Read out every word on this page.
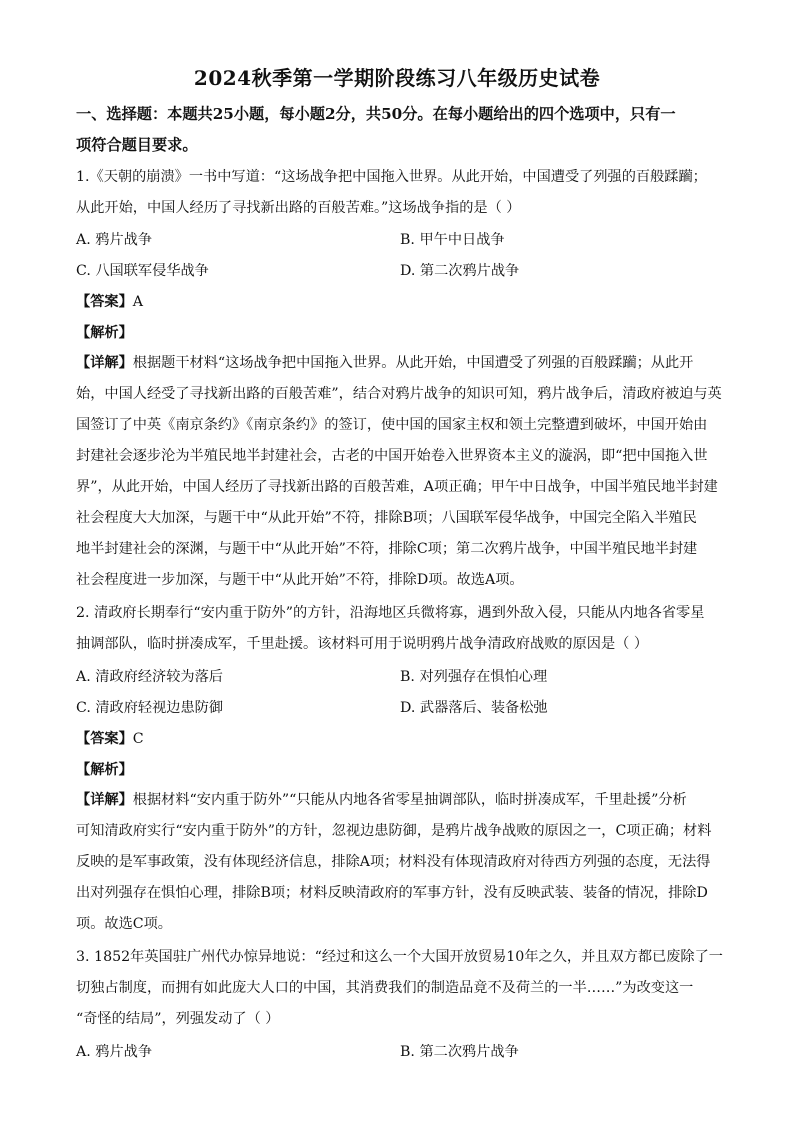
2024秋季第一学期阶段练习八年级历史试卷
一、选择题：本题共25小题，每小题2分，共50分。在每小题给出的四个选项中，只有一
项符合题目要求。
1.《天朝的崩溃》一书中写道：“这场战争把中国拖入世界。从此开始，中国遭受了列强的百般蹂躏；
从此开始，中国人经历了寻找新出路的百般苦难。”这场战争指的是（ ）
A. 鸦片战争	B. 甲午中日战争
C. 八国联军侵华战争	D. 第二次鸦片战争
【答案】A
【解析】
【详解】根据题干材料“这场战争把中国拖入世界。从此开始，中国遭受了列强的百般蹂躏；从此开
始，中国人经受了寻找新出路的百般苦难”，结合对鸦片战争的知识可知，鸦片战争后，清政府被迫与英
国签订了中英《南京条约》《南京条约》的签订，使中国的国家主权和领土完整遭到破坏，中国开始由
封建社会逐步沦为半殖民地半封建社会，古老的中国开始卷入世界资本主义的漩涡，即“把中国拖入世
界”，从此开始，中国人经历了寻找新出路的百般苦难，A项正确；甲午中日战争，中国半殖民地半封建
社会程度大大加深，与题干中“从此开始”不符，排除B项；八国联军侵华战争，中国完全陷入半殖民
地半封建社会的深渊，与题干中“从此开始”不符，排除C项；第二次鸦片战争，中国半殖民地半封建
社会程度进一步加深，与题干中“从此开始”不符，排除D项。故选A项。
2. 清政府长期奉行“安内重于防外”的方针，沿海地区兵微将寡，遇到外敌入侵，只能从内地各省零星
抽调部队，临时拼凑成军，千里赴援。该材料可用于说明鸦片战争清政府战败的原因是（ ）
A. 清政府经济较为落后	B. 对列强存在惧怕心理
C. 清政府轻视边患防御	D. 武器落后、装备松弛
【答案】C
【解析】
【详解】根据材料“安内重于防外”“只能从内地各省零星抽调部队，临时拼凑成军，千里赴援”分析
可知清政府实行“安内重于防外”的方针，忽视边患防御，是鸦片战争战败的原因之一，C项正确；材料
反映的是军事政策，没有体现经济信息，排除A项；材料没有体现清政府对待西方列强的态度，无法得
出对列强存在惧怕心理，排除B项；材料反映清政府的军事方针，没有反映武装、装备的情况，排除D
项。故选C项。
3. 1852年英国驻广州代办惊异地说：“经过和这么一个大国开放贸易10年之久，并且双方都已废除了一
切独占制度，而拥有如此庞大人口的中国，其消费我们的制造品竟不及荷兰的一半……”为改变这一
“奇怪的结局”，列强发动了（ ）
A. 鸦片战争	B. 第二次鸦片战争
